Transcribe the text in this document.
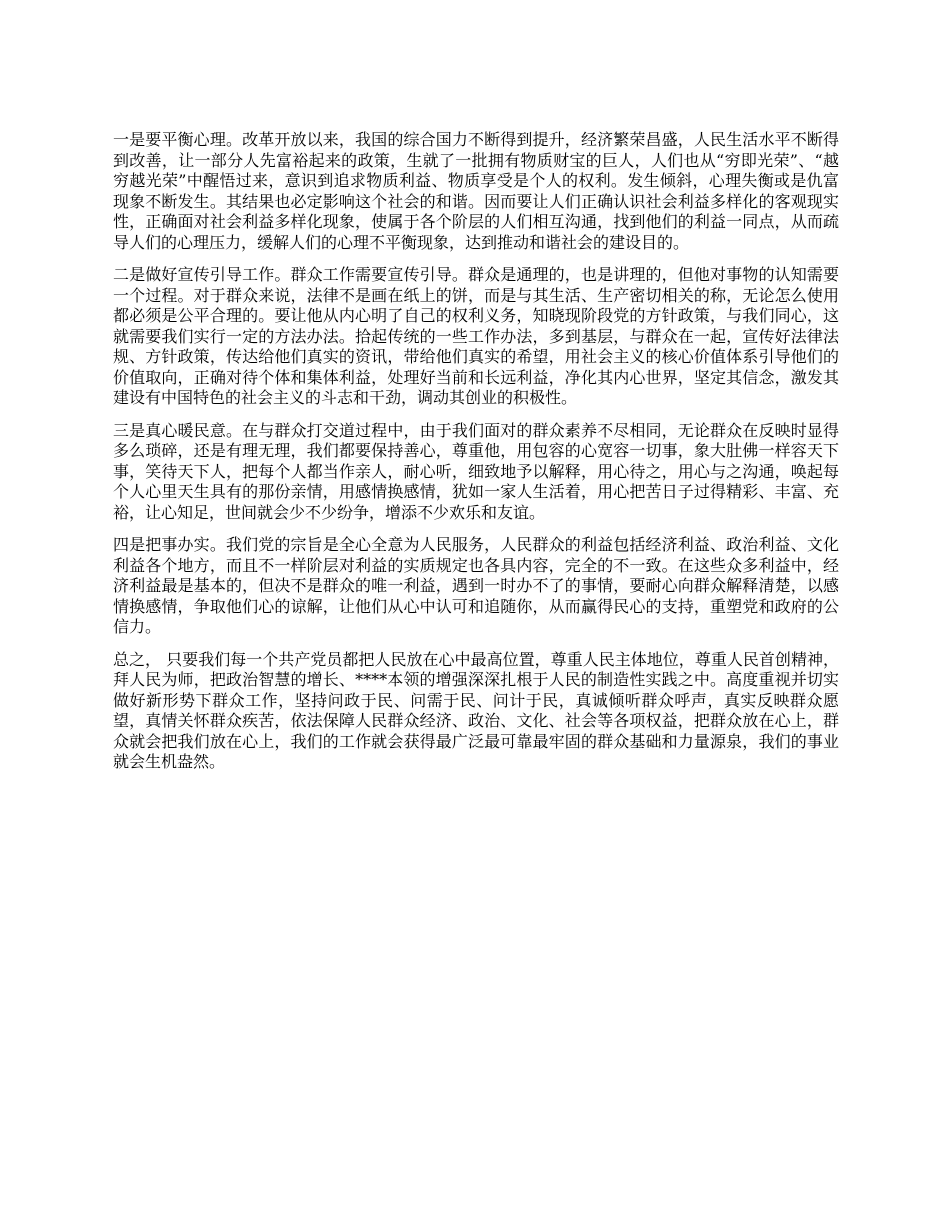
一是要平衡心理。改革开放以来，我国的综合国力不断得到提升，经济繁荣昌盛，人民生活水平不断得到改善，让一部分人先富裕起来的政策，生就了一批拥有物质财宝的巨人，人们也从“穷即光荣”、“越穷越光荣”中醒悟过来，意识到追求物质利益、物质享受是个人的权利。发生倾斜，心理失衡或是仇富现象不断发生。其结果也必定影响这个社会的和谐。因而要让人们正确认识社会利益多样化的客观现实性，正确面对社会利益多样化现象，使属于各个阶层的人们相互沟通，找到他们的利益一同点，从而疏导人们的心理压力，缓解人们的心理不平衡现象，达到推动和谐社会的建设目的。

二是做好宣传引导工作。群众工作需要宣传引导。群众是通理的，也是讲理的，但他对事物的认知需要一个过程。对于群众来说，法律不是画在纸上的饼，而是与其生活、生产密切相关的称，无论怎么使用都必须是公平合理的。要让他从内心明了自己的权利义务，知晓现阶段党的方针政策，与我们同心，这就需要我们实行一定的方法办法。拾起传统的一些工作办法，多到基层，与群众在一起，宣传好法律法规、方针政策，传达给他们真实的资讯，带给他们真实的希望，用社会主义的核心价值体系引导他们的价值取向，正确对待个体和集体利益，处理好当前和长远利益，净化其内心世界，坚定其信念，激发其建设有中国特色的社会主义的斗志和干劲，调动其创业的积极性。

三是真心暖民意。在与群众打交道过程中，由于我们面对的群众素养不尽相同，无论群众在反映时显得多么琐碎，还是有理无理，我们都要保持善心，尊重他，用包容的心宽容一切事，象大肚佛一样容天下事，笑待天下人，把每个人都当作亲人，耐心听，细致地予以解释，用心待之，用心与之沟通，唤起每个人心里天生具有的那份亲情，用感情换感情，犹如一家人生活着，用心把苦日子过得精彩、丰富、充裕，让心知足，世间就会少不少纷争，增添不少欢乐和友谊。

四是把事办实。我们党的宗旨是全心全意为人民服务，人民群众的利益包括经济利益、政治利益、文化利益各个地方，而且不一样阶层对利益的实质规定也各具内容，完全的不一致。在这些众多利益中，经济利益最是基本的，但决不是群众的唯一利益，遇到一时办不了的事情，要耐心向群众解释清楚，以感情换感情，争取他们心的谅解，让他们从心中认可和追随你，从而赢得民心的支持，重塑党和政府的公信力。

总之， 只要我们每一个共产党员都把人民放在心中最高位置，尊重人民主体地位，尊重人民首创精神，拜人民为师，把政治智慧的增长、****本领的增强深深扎根于人民的制造性实践之中。高度重视并切实做好新形势下群众工作，坚持问政于民、问需于民、问计于民，真诚倾听群众呼声，真实反映群众愿望，真情关怀群众疾苦，依法保障人民群众经济、政治、文化、社会等各项权益，把群众放在心上，群众就会把我们放在心上，我们的工作就会获得最广泛最可靠最牢固的群众基础和力量源泉，我们的事业就会生机盎然。
